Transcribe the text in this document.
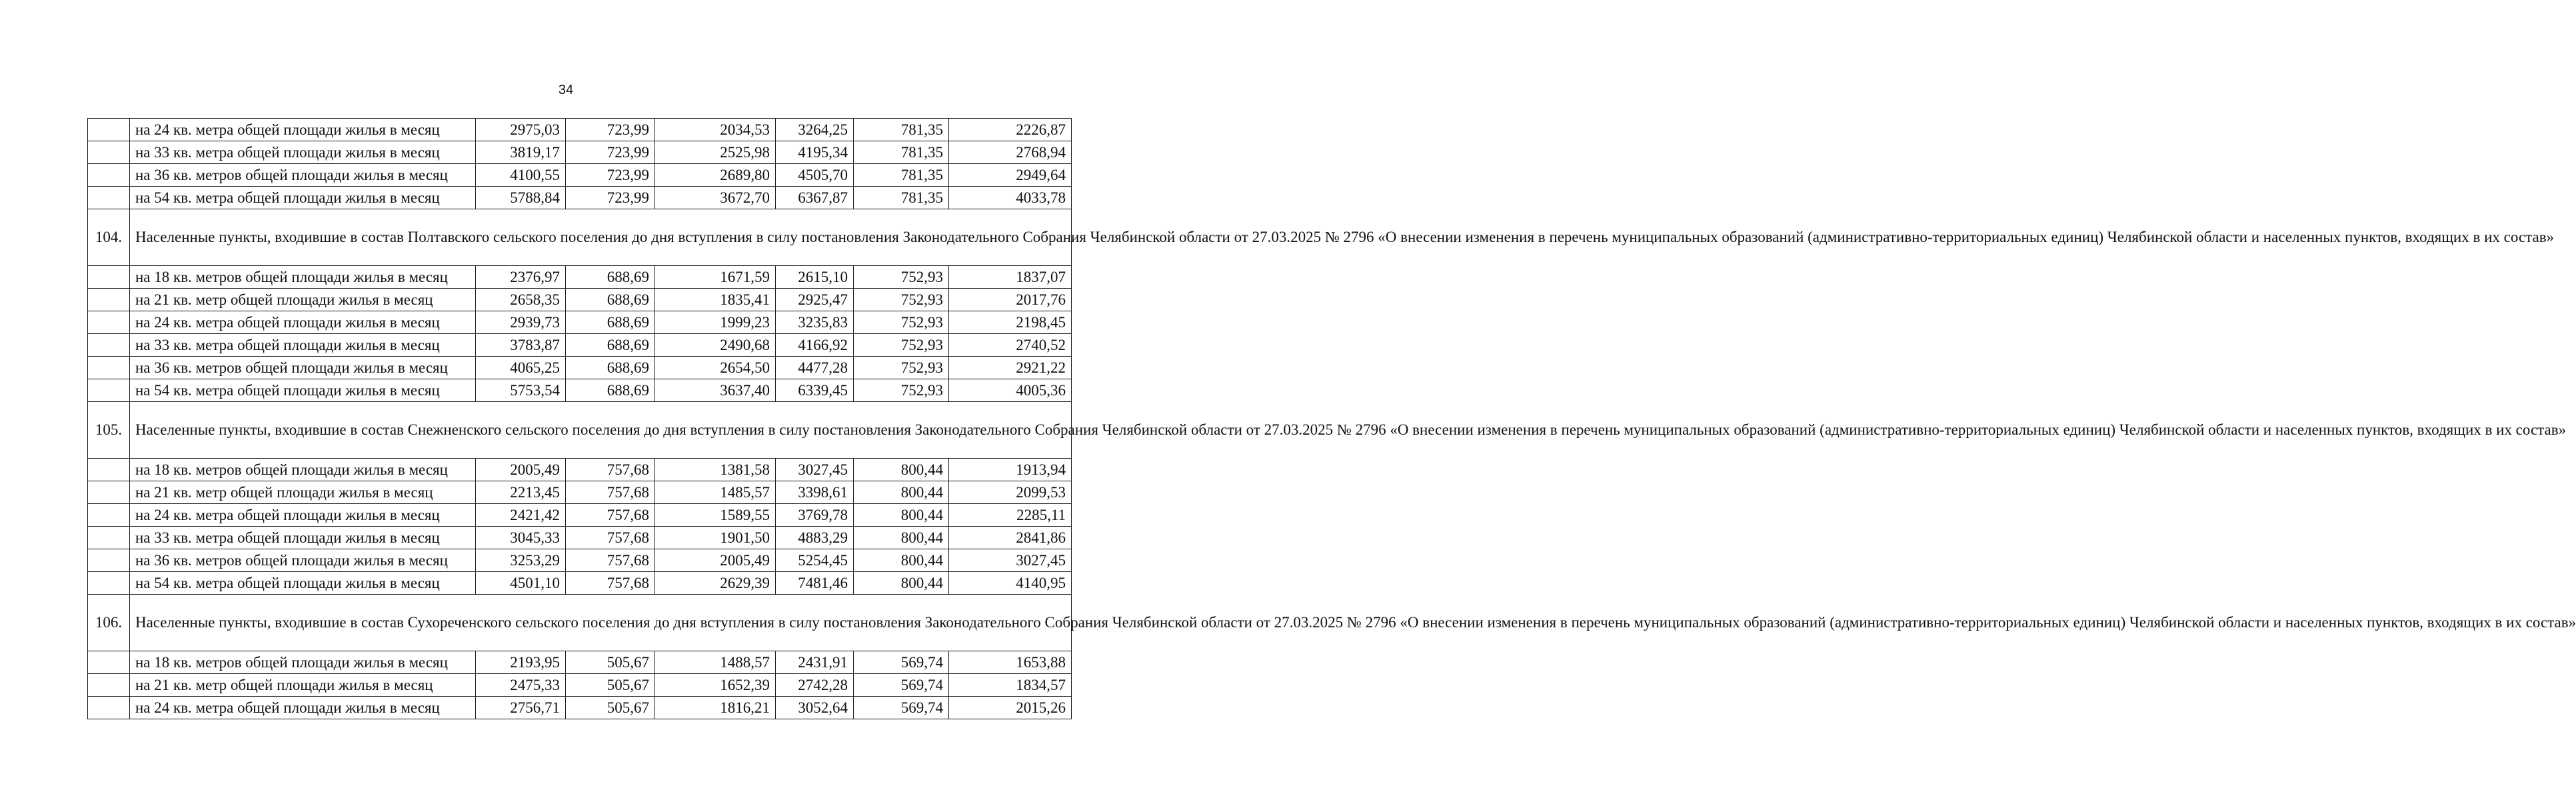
34
	на 24 кв. метра общей площади жилья в месяц	2975,03	723,99	2034,53	3264,25	781,35	2226,87
	на 33 кв. метра общей площади жилья в месяц	3819,17	723,99	2525,98	4195,34	781,35	2768,94
	на 36 кв. метров общей площади жилья в месяц	4100,55	723,99	2689,80	4505,70	781,35	2949,64
	на 54 кв. метра общей площади жилья в месяц	5788,84	723,99	3672,70	6367,87	781,35	4033,78
104.	Населенные пункты, входившие в состав Полтавского сельского поселения до дня вступления в силу постановления Законодательного Собрания Челябинской области от 27.03.2025 № 2796 «О внесении изменения в перечень муниципальных образований (административно-территориальных единиц) Челябинской области и населенных пунктов, входящих в их состав»						
	на 18 кв. метров общей площади жилья в месяц	2376,97	688,69	1671,59	2615,10	752,93	1837,07
	на 21 кв. метр общей площади жилья в месяц	2658,35	688,69	1835,41	2925,47	752,93	2017,76
	на 24 кв. метра общей площади жилья в месяц	2939,73	688,69	1999,23	3235,83	752,93	2198,45
	на 33 кв. метра общей площади жилья в месяц	3783,87	688,69	2490,68	4166,92	752,93	2740,52
	на 36 кв. метров общей площади жилья в месяц	4065,25	688,69	2654,50	4477,28	752,93	2921,22
	на 54 кв. метра общей площади жилья в месяц	5753,54	688,69	3637,40	6339,45	752,93	4005,36
105.	Населенные пункты, входившие в состав Снежненского сельского поселения до дня вступления в силу постановления Законодательного Собрания Челябинской области от 27.03.2025 № 2796 «О внесении изменения в перечень муниципальных образований (административно-территориальных единиц) Челябинской области и населенных пунктов, входящих в их состав»						
	на 18 кв. метров общей площади жилья в месяц	2005,49	757,68	1381,58	3027,45	800,44	1913,94
	на 21 кв. метр общей площади жилья в месяц	2213,45	757,68	1485,57	3398,61	800,44	2099,53
	на 24 кв. метра общей площади жилья в месяц	2421,42	757,68	1589,55	3769,78	800,44	2285,11
	на 33 кв. метра общей площади жилья в месяц	3045,33	757,68	1901,50	4883,29	800,44	2841,86
	на 36 кв. метров общей площади жилья в месяц	3253,29	757,68	2005,49	5254,45	800,44	3027,45
	на 54 кв. метра общей площади жилья в месяц	4501,10	757,68	2629,39	7481,46	800,44	4140,95
106.	Населенные пункты, входившие в состав Сухореченского сельского поселения до дня вступления в силу постановления Законодательного Собрания Челябинской области от 27.03.2025 № 2796 «О внесении изменения в перечень муниципальных образований (административно-территориальных единиц) Челябинской области и населенных пунктов, входящих в их состав»						
	на 18 кв. метров общей площади жилья в месяц	2193,95	505,67	1488,57	2431,91	569,74	1653,88
	на 21 кв. метр общей площади жилья в месяц	2475,33	505,67	1652,39	2742,28	569,74	1834,57
	на 24 кв. метра общей площади жилья в месяц	2756,71	505,67	1816,21	3052,64	569,74	2015,26
